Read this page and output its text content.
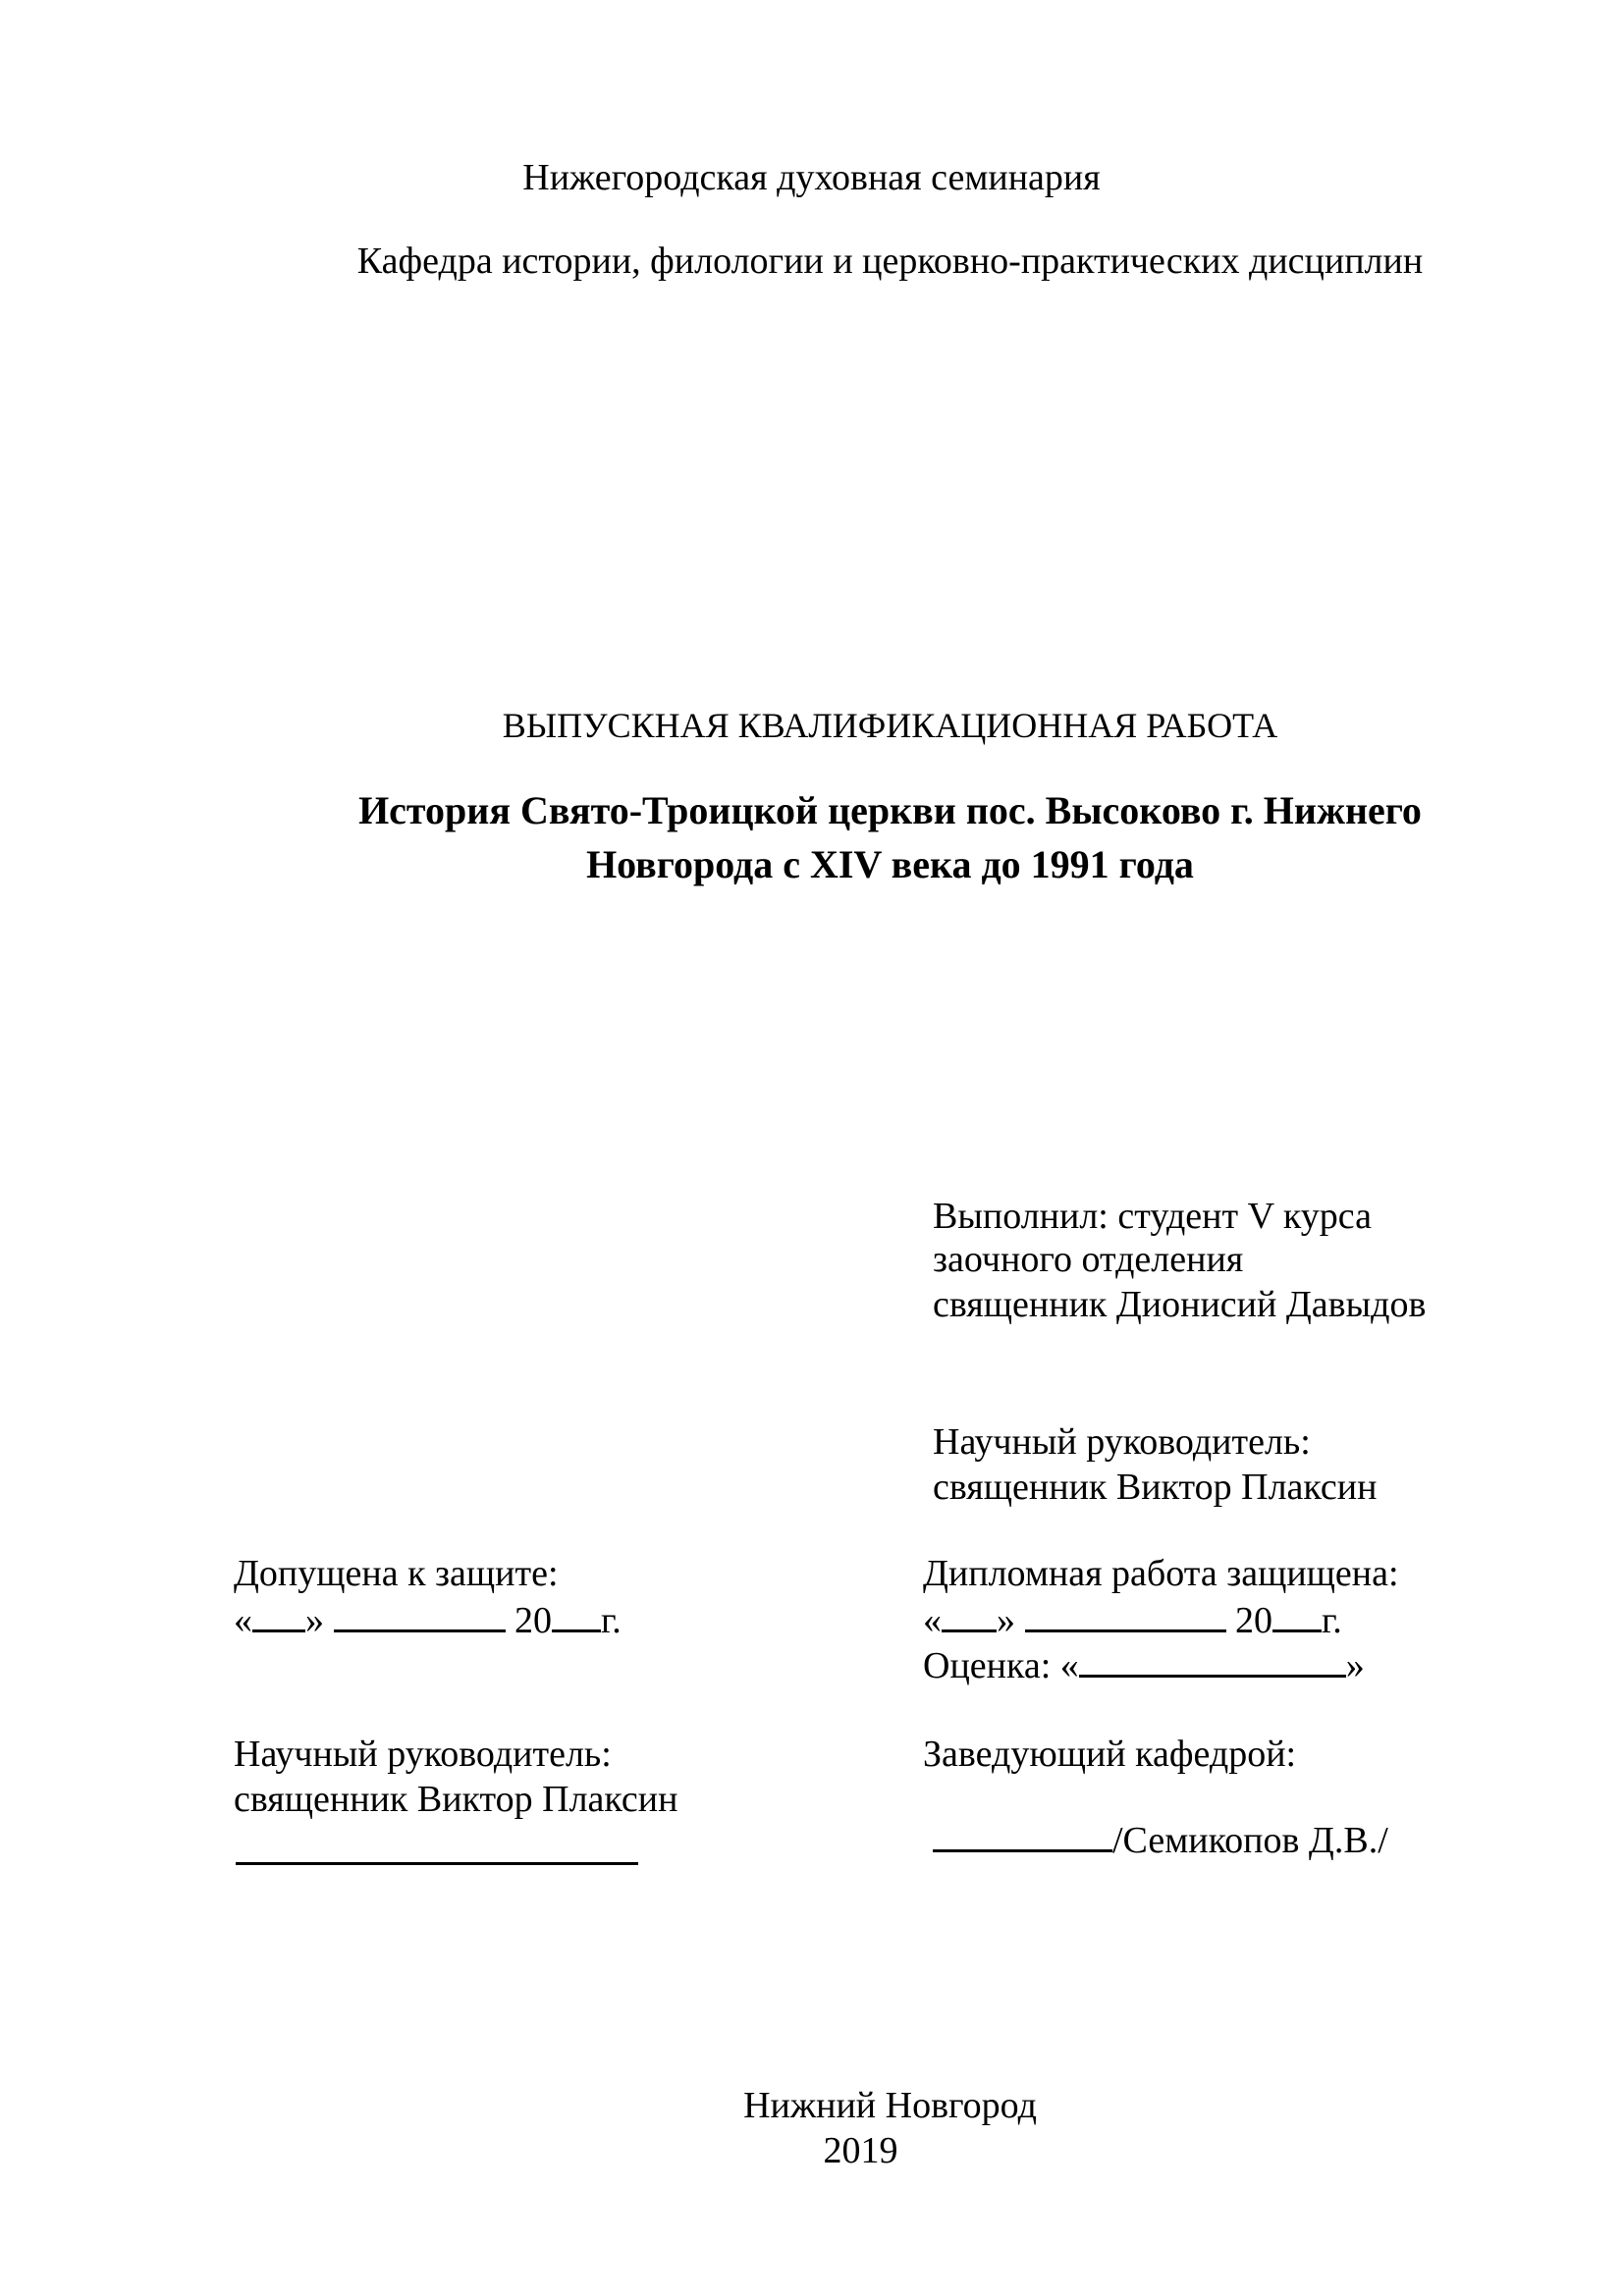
Нижегородская духовная семинария
Кафедра истории, филологии и церковно-практических дисциплин
ВЫПУСКНАЯ КВАЛИФИКАЦИОННАЯ РАБОТА
История Свято-Троицкой церкви пос. Высоково г. Нижнего
Новгорода с XIV века до 1991 года
Выполнил: студент V курса
заочного отделения
священник Дионисий Давыдов
Научный руководитель:
священник Виктор Плаксин
Допущена к защите:
« »	20 г.
Научный руководитель:
священник Виктор Плаксин
Дипломная работа защищена:
« »	20 г.
Оценка: «	»
Заведующий кафедрой:
/Семикопов Д.В./
Нижний Новгород
2019
